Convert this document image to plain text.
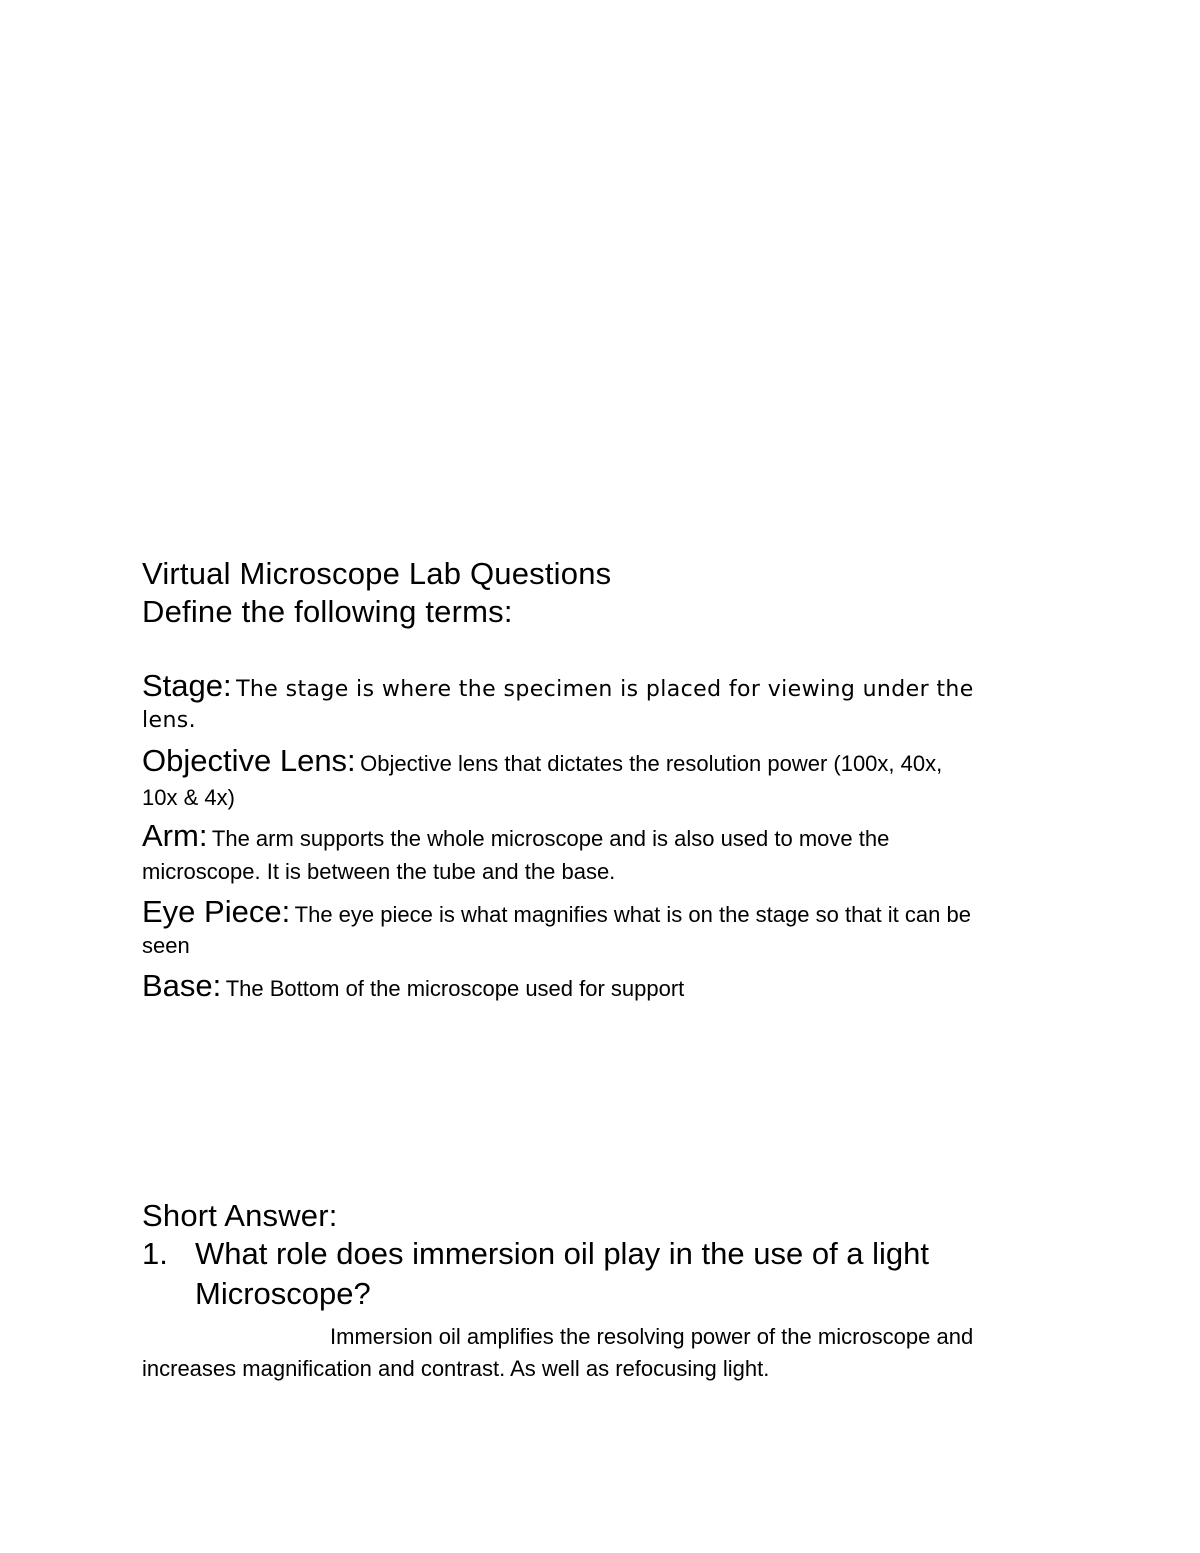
Virtual Microscope Lab Questions
Define the following terms:
Stage: The stage is where the specimen is placed for viewing under the
lens.
Objective Lens: Objective lens that dictates the resolution power (100x, 40x,
10x & 4x)
Arm: The arm supports the whole microscope and is also used to move the
microscope. It is between the tube and the base.
Eye Piece: The eye piece is what magnifies what is on the stage so that it can be
seen
Base: The Bottom of the microscope used for support
Short Answer:
1. What role does immersion oil play in the use of a light
Microscope?
Immersion oil amplifies the resolving power of the microscope and
increases magnification and contrast. As well as refocusing light.
